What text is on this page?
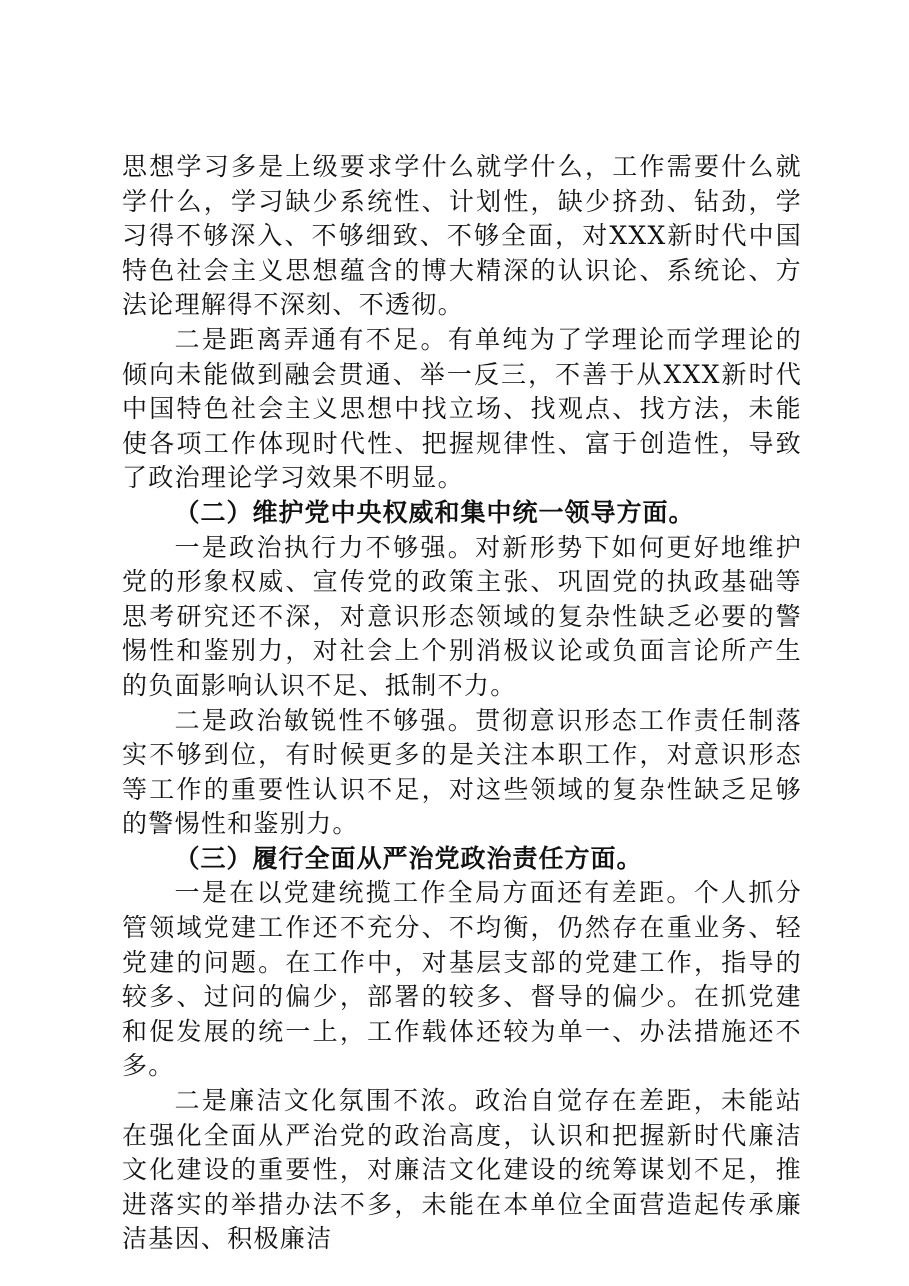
思想学习多是上级要求学什么就学什么，工作需要什么就学什么，学习缺少系统性、计划性，缺少挤劲、钻劲，学习得不够深入、不够细致、不够全面，对XXX新时代中国特色社会主义思想蕴含的博大精深的认识论、系统论、方法论理解得不深刻、不透彻。

二是距离弄通有不足。有单纯为了学理论而学理论的倾向未能做到融会贯通、举一反三，不善于从XXX新时代中国特色社会主义思想中找立场、找观点、找方法，未能使各项工作体现时代性、把握规律性、富于创造性，导致了政治理论学习效果不明显。

（二）维护党中央权威和集中统一领导方面。

一是政治执行力不够强。对新形势下如何更好地维护党的形象权威、宣传党的政策主张、巩固党的执政基础等思考研究还不深，对意识形态领域的复杂性缺乏必要的警惕性和鉴别力，对社会上个别消极议论或负面言论所产生的负面影响认识不足、抵制不力。

二是政治敏锐性不够强。贯彻意识形态工作责任制落实不够到位，有时候更多的是关注本职工作，对意识形态等工作的重要性认识不足，对这些领域的复杂性缺乏足够的警惕性和鉴别力。

（三）履行全面从严治党政治责任方面。

一是在以党建统揽工作全局方面还有差距。个人抓分管领域党建工作还不充分、不均衡，仍然存在重业务、轻党建的问题。在工作中，对基层支部的党建工作，指导的较多、过问的偏少，部署的较多、督导的偏少。在抓党建和促发展的统一上，工作载体还较为单一、办法措施还不多。

二是廉洁文化氛围不浓。政治自觉存在差距，未能站在强化全面从严治党的政治高度，认识和把握新时代廉洁文化建设的重要性，对廉洁文化建设的统筹谋划不足，推进落实的举措办法不多，未能在本单位全面营造起传承廉洁基因、积极廉洁
